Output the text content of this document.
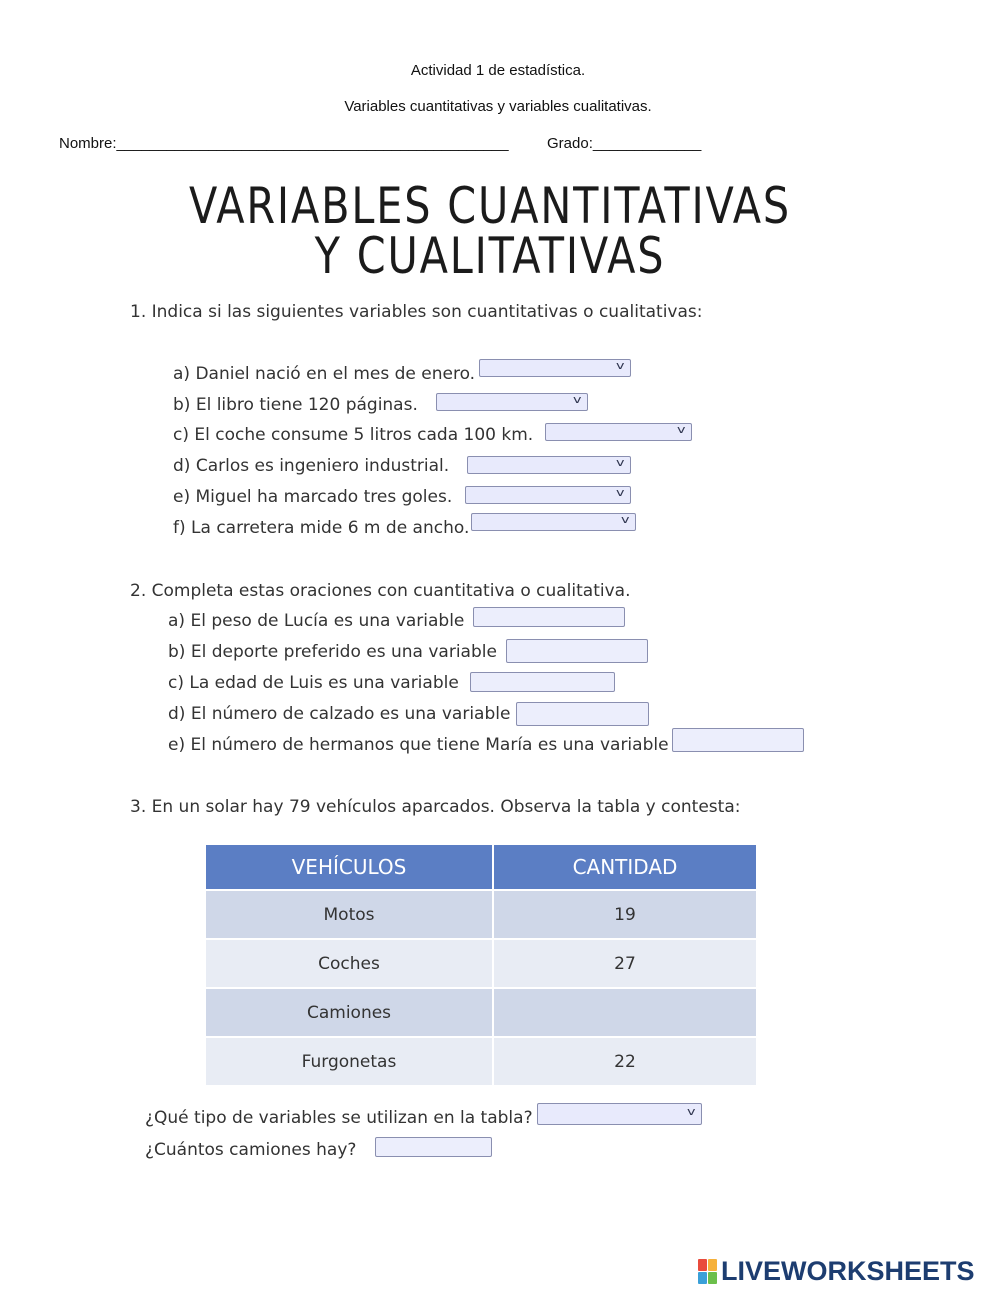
Actividad 1 de estadística.
Variables cuantitativas y variables cualitativas.
Nombre:_______________________________________________	Grado:_____________
VARIABLES CUANTITATIVAS
Y CUALITATIVAS
1. Indica si las siguientes variables son cuantitativas o cualitativas:
a) Daniel nació en el mes de enero.	v
b) El libro tiene 120 páginas.	v
c) El coche consume 5 litros cada 100 km.	v
d) Carlos es ingeniero industrial.	v
e) Miguel ha marcado tres goles.	v
f) La carretera mide 6 m de ancho.	v
2. Completa estas oraciones con cuantitativa o cualitativa.
a) El peso de Lucía es una variable
b) El deporte preferido es una variable
c) La edad de Luis es una variable
d) El número de calzado es una variable
e) El número de hermanos que tiene María es una variable
3. En un solar hay 79 vehículos aparcados. Observa la tabla y contesta:
VEHÍCULOS	CANTIDAD
Motos	19
Coches	27
Camiones	
Furgonetas	22
¿Qué tipo de variables se utilizan en la tabla?	v
¿Cuántos camiones hay?
LIVEWORKSHEETS
